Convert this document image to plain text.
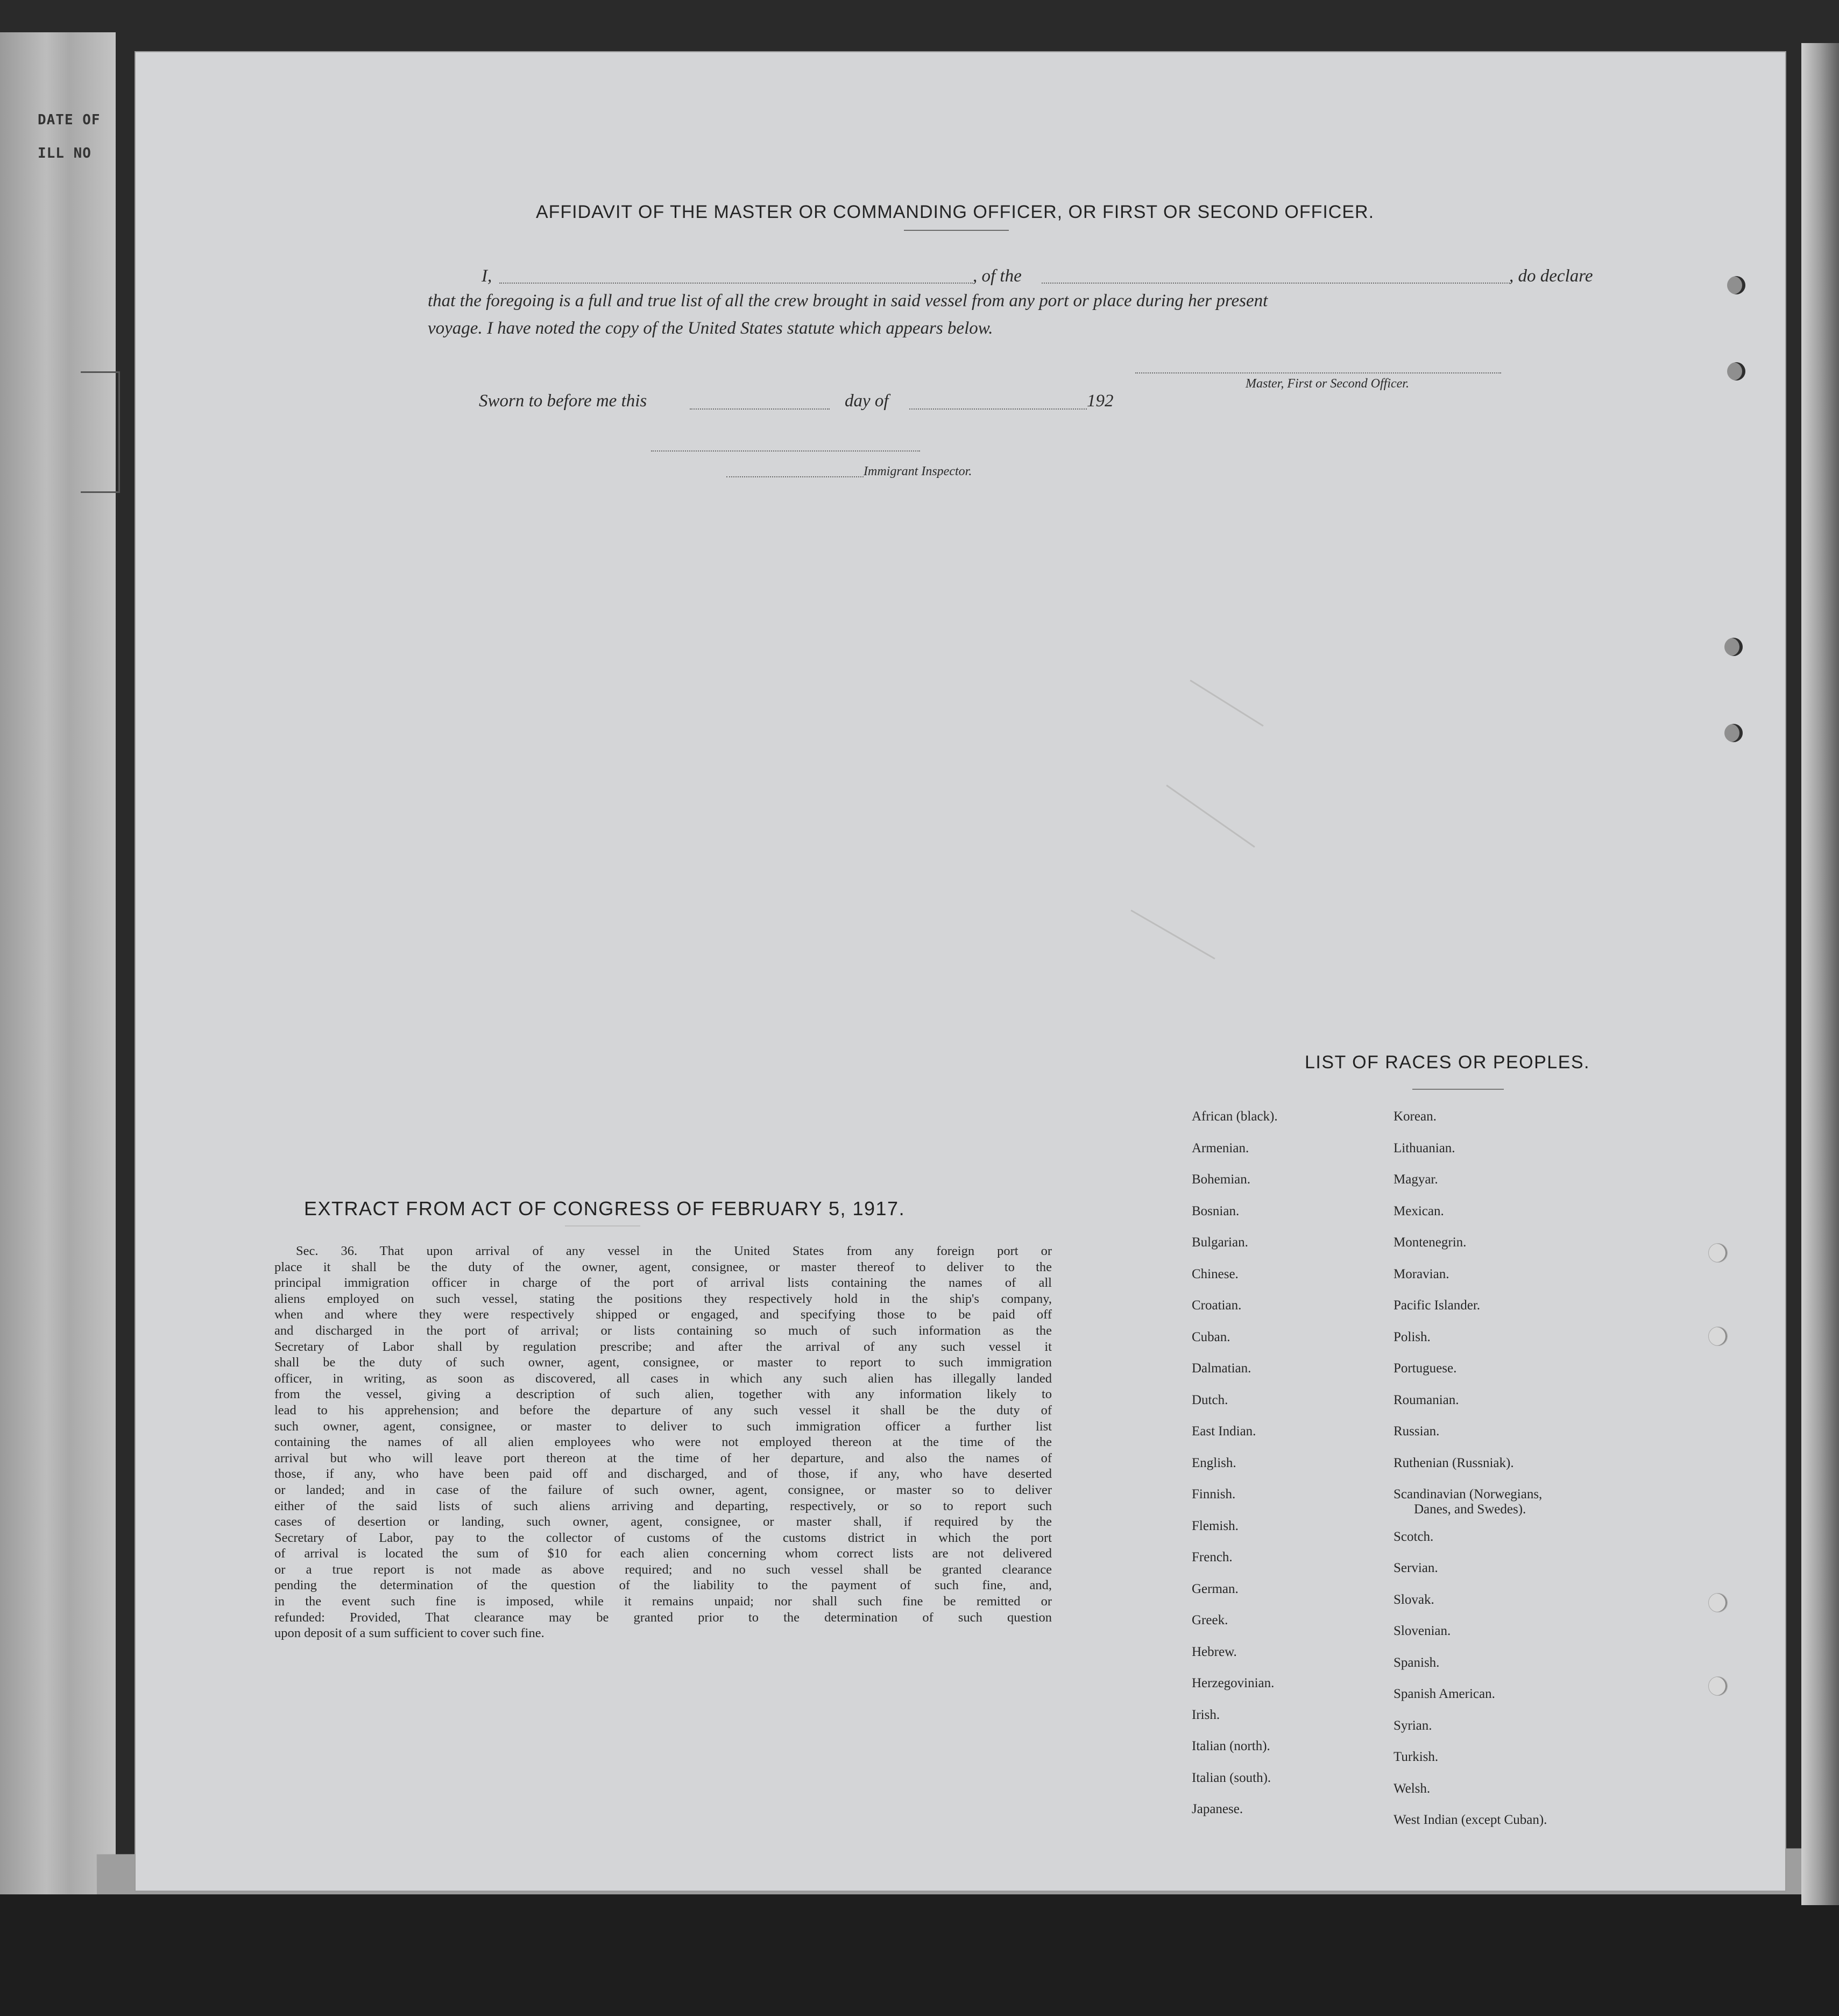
DATE OF
ILL NO
AFFIDAVIT OF THE MASTER OR COMMANDING OFFICER, OR FIRST OR SECOND OFFICER.
I,	, of the	, do declare
that the foregoing is a full and true list of all the crew brought in said vessel from any port or place during her present
voyage. I have noted the copy of the United States statute which appears below.
Master, First or Second Officer.
Sworn to before me this	day of	192
Immigrant Inspector.
EXTRACT FROM ACT OF CONGRESS OF FEBRUARY 5, 1917.
Sec. 36. That upon arrival of any vessel in the United States from any foreign port or
place it shall be the duty of the owner, agent, consignee, or master thereof to deliver to the
principal immigration officer in charge of the port of arrival lists containing the names of all
aliens employed on such vessel, stating the positions they respectively hold in the ship's company,
when and where they were respectively shipped or engaged, and specifying those to be paid off
and discharged in the port of arrival; or lists containing so much of such information as the
Secretary of Labor shall by regulation prescribe; and after the arrival of any such vessel it
shall be the duty of such owner, agent, consignee, or master to report to such immigration
officer, in writing, as soon as discovered, all cases in which any such alien has illegally landed
from the vessel, giving a description of such alien, together with any information likely to
lead to his apprehension; and before the departure of any such vessel it shall be the duty of
such owner, agent, consignee, or master to deliver to such immigration officer a further list
containing the names of all alien employees who were not employed thereon at the time of the
arrival but who will leave port thereon at the time of her departure, and also the names of
those, if any, who have been paid off and discharged, and of those, if any, who have deserted
or landed; and in case of the failure of such owner, agent, consignee, or master so to deliver
either of the said lists of such aliens arriving and departing, respectively, or so to report such
cases of desertion or landing, such owner, agent, consignee, or master shall, if required by the
Secretary of Labor, pay to the collector of customs of the customs district in which the port
of arrival is located the sum of $10 for each alien concerning whom correct lists are not delivered
or a true report is not made as above required; and no such vessel shall be granted clearance
pending the determination of the question of the liability to the payment of such fine, and,
in the event such fine is imposed, while it remains unpaid; nor shall such fine be remitted or
refunded: Provided, That clearance may be granted prior to the determination of such question
upon deposit of a sum sufficient to cover such fine.
LIST OF RACES OR PEOPLES.
African (black).
Armenian.
Bohemian.
Bosnian.
Bulgarian.
Chinese.
Croatian.
Cuban.
Dalmatian.
Dutch.
East Indian.
English.
Finnish.
Flemish.
French.
German.
Greek.
Hebrew.
Herzegovinian.
Irish.
Italian (north).
Italian (south).
Japanese.
Korean.
Lithuanian.
Magyar.
Mexican.
Montenegrin.
Moravian.
Pacific Islander.
Polish.
Portuguese.
Roumanian.
Russian.
Ruthenian (Russniak).
Scandinavian (Norwegians,
Danes, and Swedes).
Scotch.
Servian.
Slovak.
Slovenian.
Spanish.
Spanish American.
Syrian.
Turkish.
Welsh.
West Indian (except Cuban).
